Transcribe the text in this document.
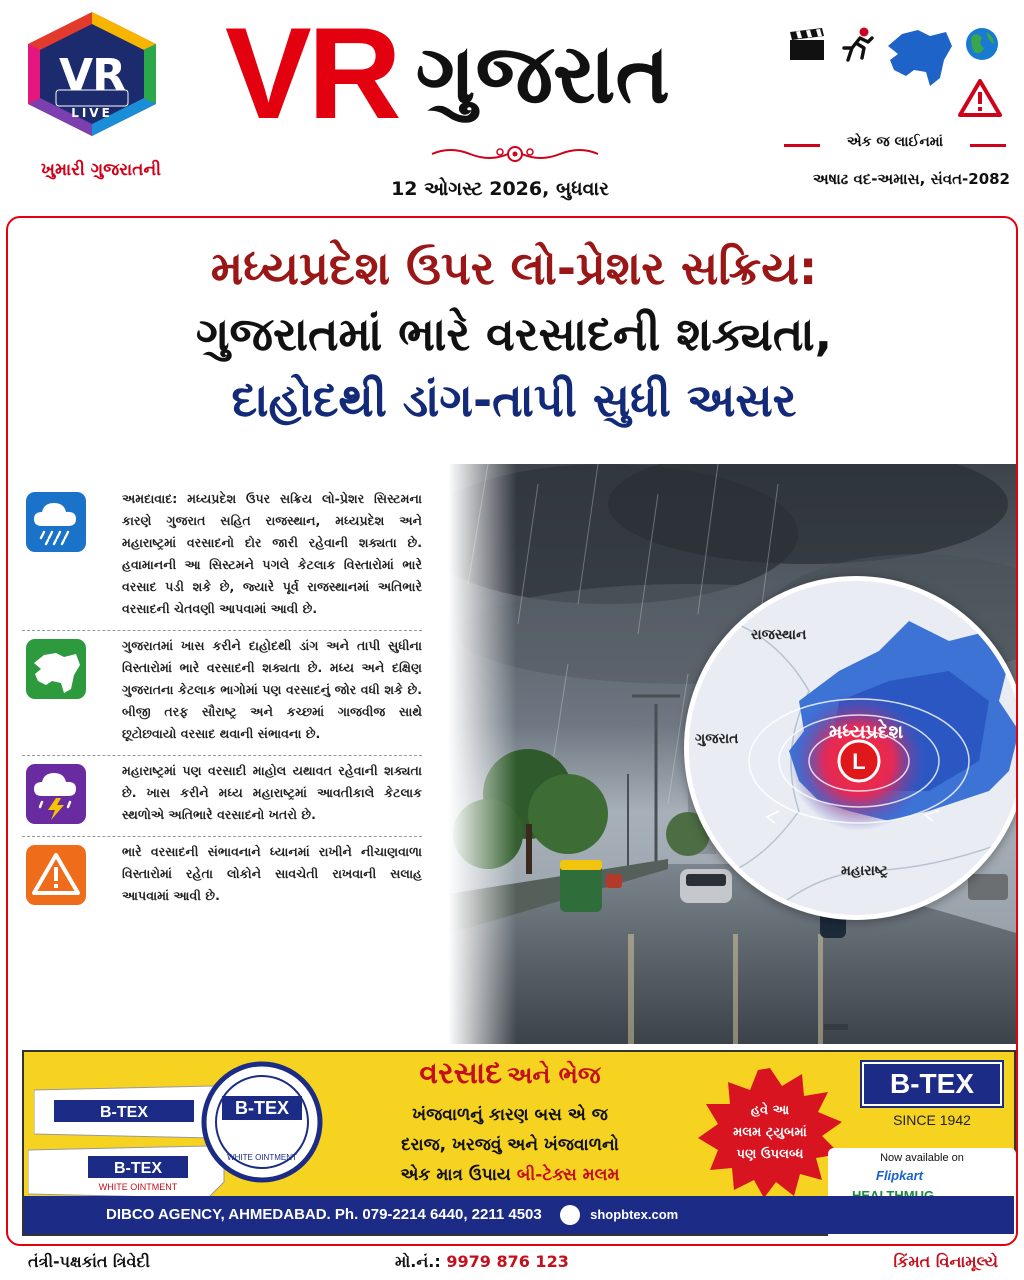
VR
LIVE
ખુમારી ગુજરાતની
VR ગુજરાત
12 ઓગસ્ટ 2026, બુધવાર
એક જ લાઈનમાં
અષાઢ વદ-અમાસ, સંવત-2082
મધ્યપ્રદેશ ઉપર લો-પ્રેશર સક્રિય:
ગુજરાતમાં ભારે વરસાદની શક્યતા,
દાહોદથી ડાંગ-તાપી સુધી અસર

અમદાવાદ: મધ્યપ્રદેશ ઉપર સક્રિય લો-પ્રેશર સિસ્ટમના કારણે ગુજરાત સહિત રાજસ્થાન, મધ્યપ્રદેશ અને મહારાષ્ટ્રમાં વરસાદનો દોર જારી રહેવાની શક્યતા છે. હવામાનની આ સિસ્ટમને પગલે કેટલાક વિસ્તારોમાં ભારે વરસાદ પડી શકે છે, જ્યારે પૂર્વ રાજસ્થાનમાં અતિભારે વરસાદની ચેતવણી આપવામાં આવી છે.

ગુજરાતમાં ખાસ કરીને દાહોદથી ડાંગ અને તાપી સુધીના વિસ્તારોમાં ભારે વરસાદની શક્યતા છે. મધ્ય અને દક્ષિણ ગુજરાતના કેટલાક ભાગોમાં પણ વરસાદનું જોર વધી શકે છે. બીજી તરફ સૌરાષ્ટ્ર અને કચ્છમાં ગાજવીજ સાથે છૂટોછવાયો વરસાદ થવાની સંભાવના છે.

મહારાષ્ટ્રમાં પણ વરસાદી માહોલ યથાવત રહેવાની શક્યતા છે. ખાસ કરીને મધ્ય મહારાષ્ટ્રમાં આવતીકાલે કેટલાક સ્થળોએ અતિભારે વરસાદનો ખતરો છે.

ભારે વરસાદની સંભાવનાને ધ્યાનમાં રાખીને નીચાણવાળા વિસ્તારોમાં રહેતા લોકોને સાવચેતી રાખવાની સલાહ આપવામાં આવી છે.

L
રાજસ્થાન
ગુજરાત	મધ્યપ્રદેશ
મહારાષ્ટ્ર
B-TEX
B-TEX
WHITE OINTMENT
B-TEX
WHITE OINTMENT
વરસાદ અને ભેજ
ખંજવાળનું કારણ બસ એ જ
દરાજ, ખરજવું અને ખંજવાળનો
એક માત્ર ઉપાય બી-ટેક્સ મલમ
હવે આ
મલમ ટ્યુબમાં
પણ ઉપલબ્ધ
B-TEX
SINCE 1942
Now available on
Flipkart
DIBCO AGENCY, AHMEDABAD. Ph. 079-2214 6440, 2211 4503	shopbtex.com
તંત્રી-પક્ષકાંત ત્રિવેદી	મો.નં.: 9979 876 123	કિંમત વિનામૂલ્યે
